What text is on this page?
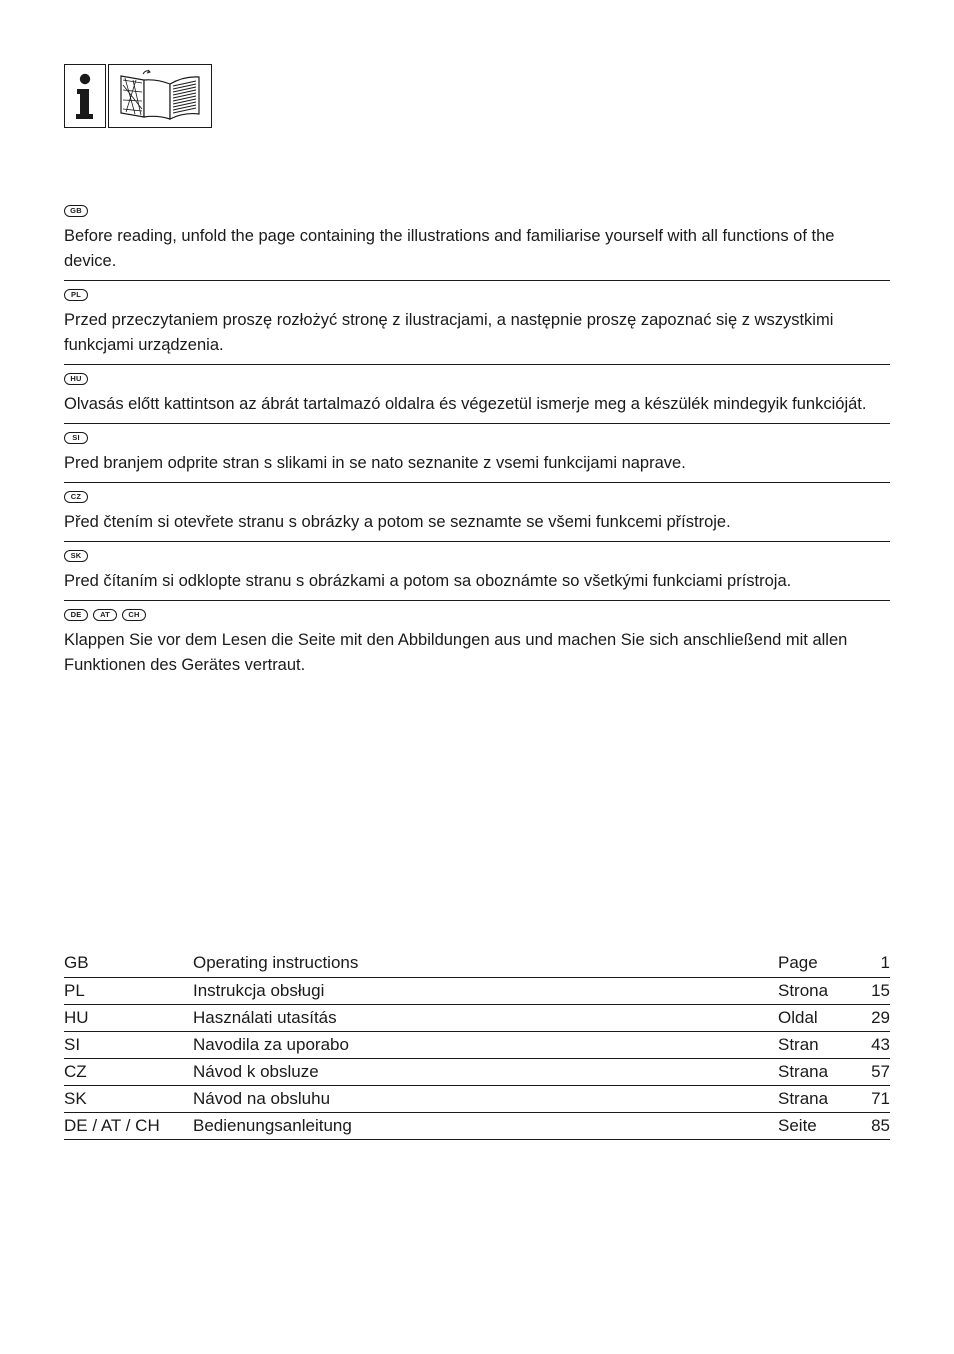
GB

Before reading, unfold the page containing the illustrations and familiarise yourself with all functions of the device.

PL

Przed przeczytaniem proszę rozłożyć stronę z ilustracjami, a następnie proszę zapoznać się z wszystkimi funkcjami urządzenia.

HU

Olvasás előtt kattintson az ábrát tartalmazó oldalra és végezetül ismerje meg a készülék mindegyik funkcióját.

SI

Pred branjem odprite stran s slikami in se nato seznanite z vsemi funkcijami naprave.

CZ

Před čtením si otevřete stranu s obrázky a potom se seznamte se všemi funkcemi přístroje.

SK

Pred čítaním si odklopte stranu s obrázkami a potom sa oboznámte so všetkými funkciami prístroja.

DE	AT	CH

Klappen Sie vor dem Lesen die Seite mit den Abbildungen aus und machen Sie sich anschließend mit allen Funktionen des Gerätes vertraut.

GB	Operating instructions	Page	1
PL	Instrukcja obsługi	Strona	15
HU	Használati utasítás	Oldal	29
SI	Navodila za uporabo	Stran	43
CZ	Návod k obsluze	Strana	57
SK	Návod na obsluhu	Strana	71
DE / AT / CH	Bedienungsanleitung	Seite	85
